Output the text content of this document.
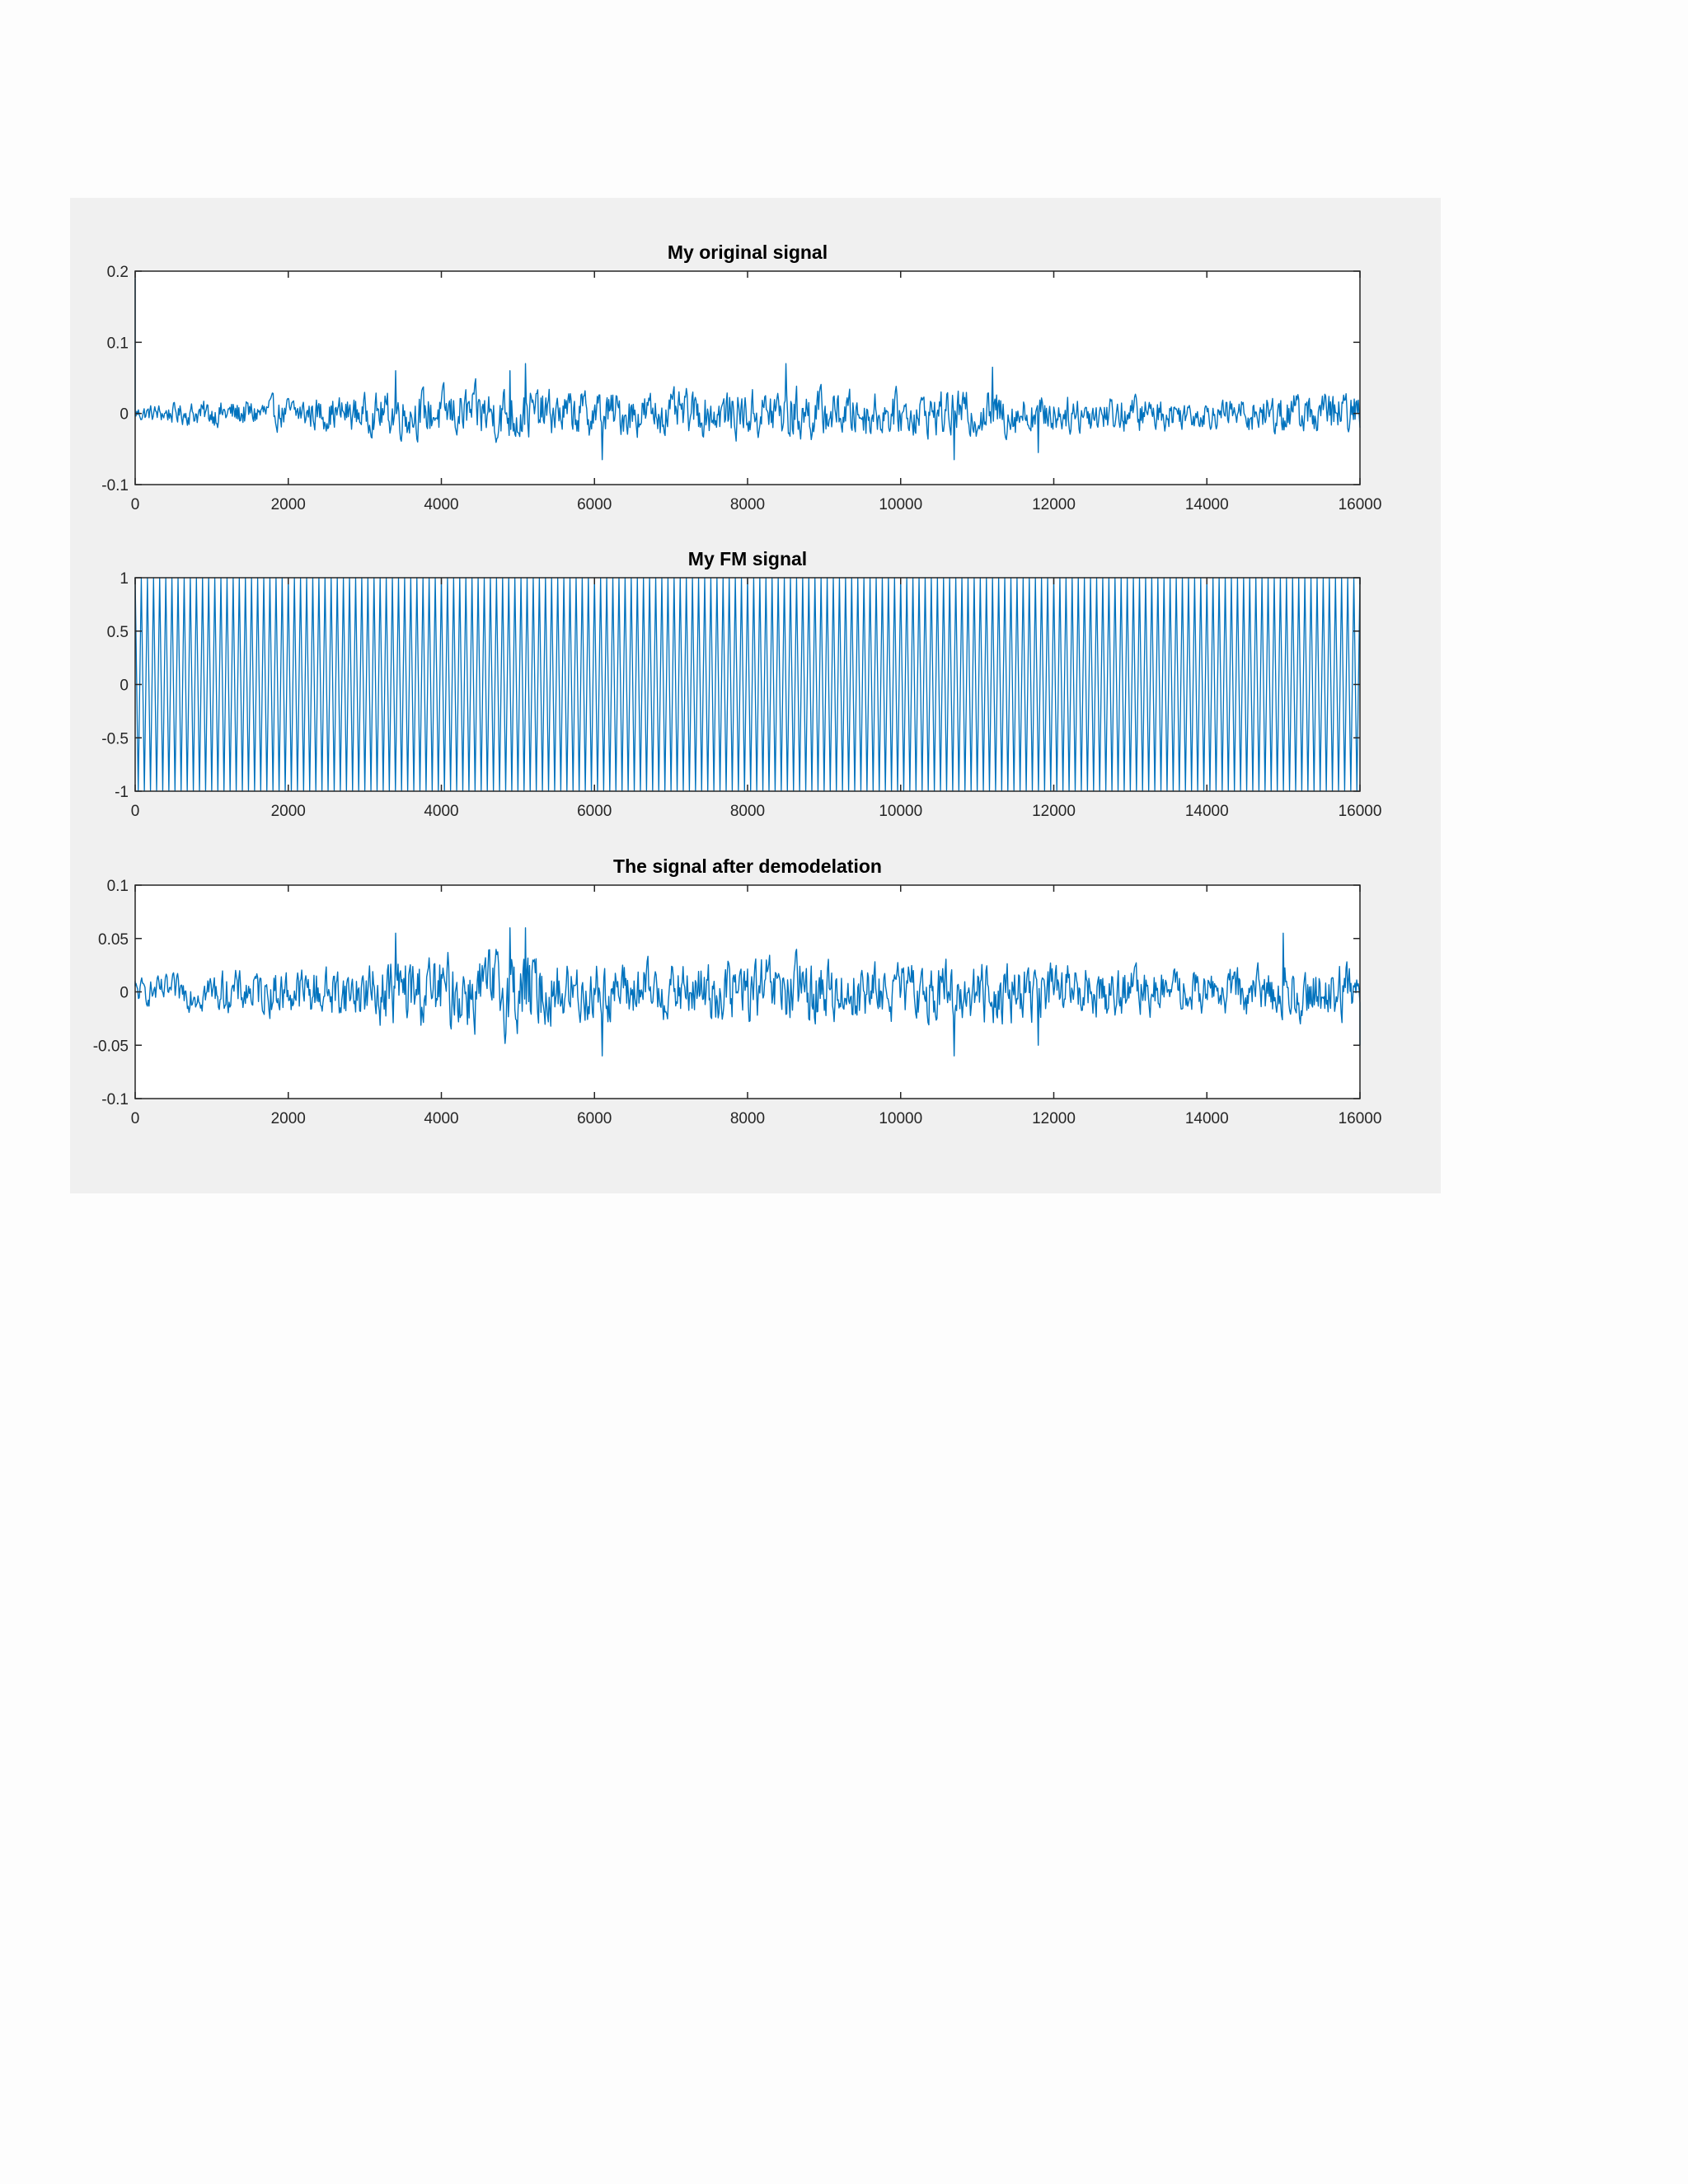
My original signal
0	2000	4000	6000	8000	10000	12000	14000	16000
-0.1
0
0.1
0.2
My FM signal
0	2000	4000	6000	8000	10000	12000	14000	16000
-1
-0.5
0
0.5
1
The signal after demodelation
0	2000	4000	6000	8000	10000	12000	14000	16000
-0.1
-0.05
0
0.05
0.1
